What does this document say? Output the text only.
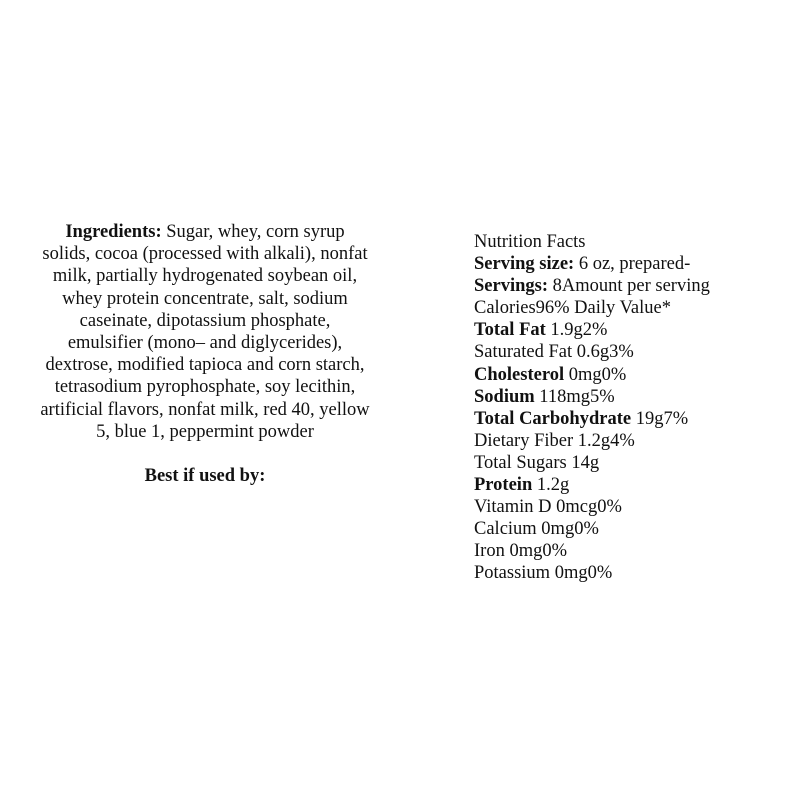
Ingredients: Sugar, whey, corn syrup solids, cocoa (processed with alkali), nonfat milk, partially hydrogenated soybean oil, whey protein concentrate, salt, sodium caseinate, dipotassium phosphate, emulsifier (mono– and diglycerides), dextrose, modified tapioca and corn starch, tetrasodium pyrophosphate, soy lecithin, artificial flavors, nonfat milk, red 40, yellow 5, blue 1, peppermint powder
Best if used by:
Nutrition Facts
Serving size: 6 oz, prepared-
Servings: 8Amount per serving
Calories96% Daily Value*
Total Fat 1.9g2%
Saturated Fat 0.6g3%
Cholesterol 0mg0%
Sodium 118mg5%
Total Carbohydrate 19g7%
Dietary Fiber 1.2g4%
Total Sugars 14g
Protein 1.2g
Vitamin D 0mcg0%
Calcium 0mg0%
Iron 0mg0%
Potassium 0mg0%
